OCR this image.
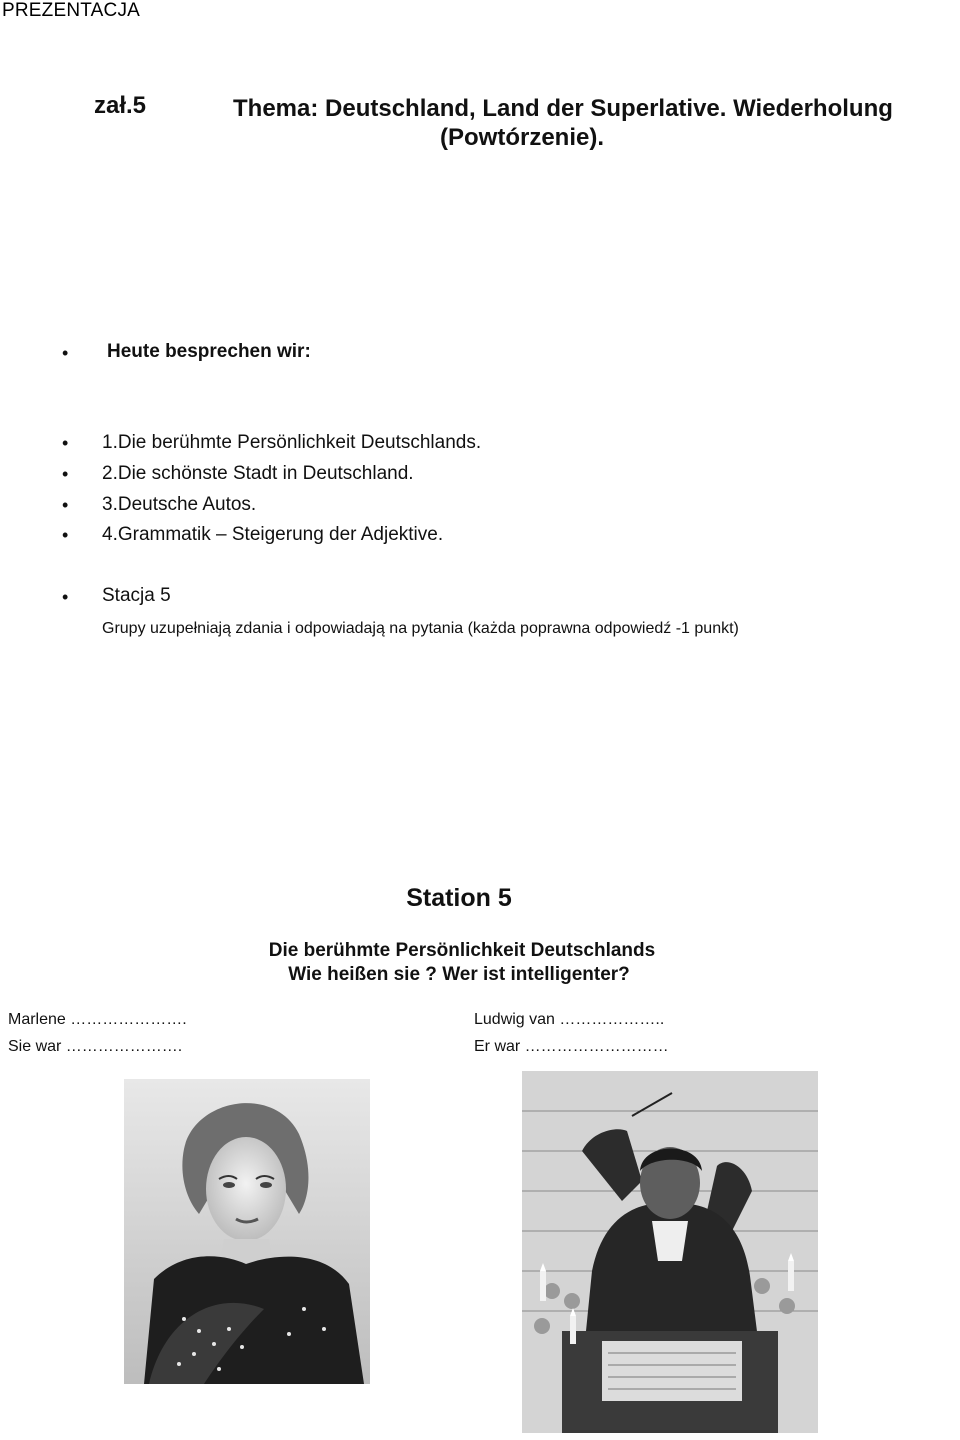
PREZENTACJA
zał.5	Thema: Deutschland, Land der Superlative. Wiederholung
(Powtórzenie).
• Heute besprechen wir:
• 1.Die berühmte Persönlichkeit Deutschlands.
• 2.Die schönste Stadt in Deutschland.
• 3.Deutsche Autos.
• 4.Grammatik – Steigerung der Adjektive.
• Stacja 5
Grupy uzupełniają zdania i odpowiadają na pytania (każda poprawna odpowiedź -1 punkt)
Station 5
Die berühmte Persönlichkeit Deutschlands
Wie heißen sie ? Wer ist intelligenter?
Marlene ………………….
Sie war ………………….
Ludwig van ………………..
Er war ………………………
